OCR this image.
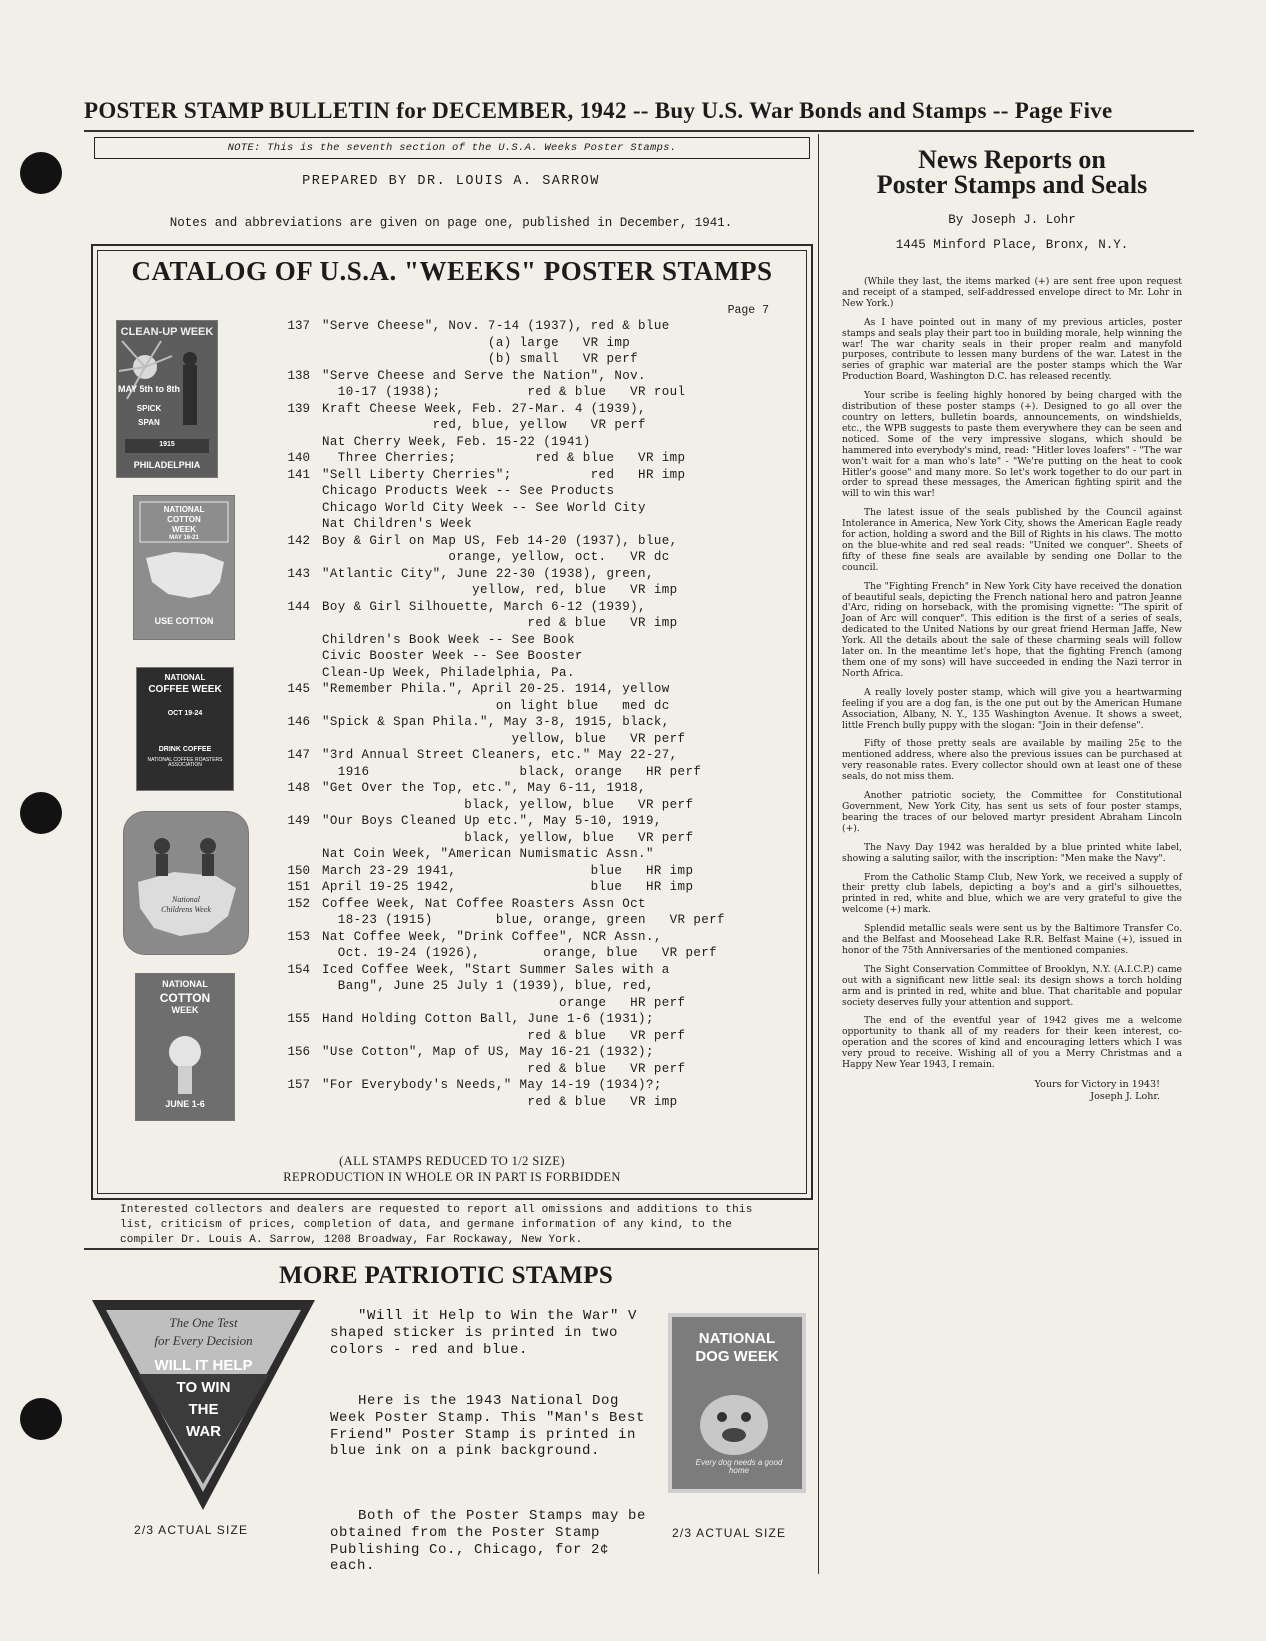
POSTER STAMP BULLETIN for DECEMBER, 1942 -- Buy U.S. War Bonds and Stamps -- Page Five
NOTE: This is the seventh section of the U.S.A. Weeks Poster Stamps.
PREPARED BY DR. LOUIS A. SARROW
Notes and abbreviations are given on page one, published in December, 1941.
CATALOG OF U.S.A. "WEEKS" POSTER STAMPS
Page 7
CLEAN-UP WEEK
MAY 5th to 8th
SPICK
SPAN
1915
PHILADELPHIA
NATIONAL
COTTON
WEEK
MAY 16-21
USE COTTON
NATIONAL
COFFEE WEEK
OCT 19-24
DRINK COFFEE
NATIONAL COFFEE ROASTERS ASSOCIATION
National
Childrens Week
NATIONAL
COTTON
WEEK
JUNE 1-6
137 "Serve Cheese", Nov. 7-14 (1937), red & blue
(a) large   VR imp
(b) small   VR perf
138 "Serve Cheese and Serve the Nation", Nov.
10-17 (1938);           red & blue   VR roul
139 Kraft Cheese Week, Feb. 27-Mar. 4 (1939),
red, blue, yellow   VR perf
Nat Cherry Week, Feb. 15-22 (1941)
140 Three Cherries;          red & blue   VR imp
141 "Sell Liberty Cherries";          red   HR imp
Chicago Products Week -- See Products
Chicago World City Week -- See World City
Nat Children's Week
142 Boy & Girl on Map US, Feb 14-20 (1937), blue,
orange, yellow, oct.   VR dc
143 "Atlantic City", June 22-30 (1938), green,
yellow, red, blue   VR imp
144 Boy & Girl Silhouette, March 6-12 (1939),
red & blue   VR imp
Children's Book Week -- See Book
Civic Booster Week -- See Booster
Clean-Up Week, Philadelphia, Pa.
145 "Remember Phila.", April 20-25. 1914, yellow
on light blue   med dc
146 "Spick & Span Phila.", May 3-8, 1915, black,
yellow, blue   VR perf
147 "3rd Annual Street Cleaners, etc." May 22-27,
1916                   black, orange   HR perf
148 "Get Over the Top, etc.", May 6-11, 1918,
black, yellow, blue   VR perf
149 "Our Boys Cleaned Up etc.", May 5-10, 1919,
black, yellow, blue   VR perf
Nat Coin Week, "American Numismatic Assn."
150 March 23-29 1941,                 blue   HR imp
151 April 19-25 1942,                 blue   HR imp
152 Coffee Week, Nat Coffee Roasters Assn Oct
18-23 (1915)        blue, orange, green   VR perf
153 Nat Coffee Week, "Drink Coffee", NCR Assn.,
Oct. 19-24 (1926),        orange, blue   VR perf
154 Iced Coffee Week, "Start Summer Sales with a
Bang", June 25 July 1 (1939), blue, red,
orange   HR perf
155 Hand Holding Cotton Ball, June 1-6 (1931);
red & blue   VR perf
156 "Use Cotton", Map of US, May 16-21 (1932);
red & blue   VR perf
157 "For Everybody's Needs," May 14-19 (1934)?;
red & blue   VR imp
(ALL STAMPS REDUCED TO 1/2 SIZE)
REPRODUCTION IN WHOLE OR IN PART IS FORBIDDEN
Interested collectors and dealers are requested to report all omissions and additions to this list, criticism of prices, completion of data, and germane information of any kind, to the compiler Dr. Louis A. Sarrow, 1208 Broadway, Far Rockaway, New York.
MORE PATRIOTIC STAMPS
The One Test
for Every Decision
WILL IT HELP
TO WIN
THE
WAR
2/3 ACTUAL SIZE
"Will it Help to Win the War" V shaped sticker is printed in two colors - red and blue.
Here is the 1943 National Dog Week Poster Stamp. This "Man's Best Friend" Poster Stamp is printed in blue ink on a pink background.
Both of the Poster Stamps may be obtained from the Poster Stamp Publishing Co., Chicago, for 2¢ each.
NATIONAL
DOG WEEK
Every dog needs a good home
2/3 ACTUAL SIZE
News Reports on
Poster Stamps and Seals
By Joseph J. Lohr
1445 Minford Place, Bronx, N.Y.

(While they last, the items marked (+) are sent free upon request and receipt of a stamped, self-addressed envelope direct to Mr. Lohr in New York.)

As I have pointed out in many of my previous articles, poster stamps and seals play their part too in building morale, help winning the war! The war charity seals in their proper realm and manyfold purposes, contribute to lessen many burdens of the war. Latest in the series of graphic war material are the poster stamps which the War Production Board, Washington D.C. has released recently.

Your scribe is feeling highly honored by being charged with the distribution of these poster stamps (+). Designed to go all over the country on letters, bulletin boards, announcements, on windshields, etc., the WPB suggests to paste them everywhere they can be seen and noticed. Some of the very impressive slogans, which should be hammered into everybody's mind, read: "Hitler loves loafers" - "The war won't wait for a man who's late" - "We're putting on the heat to cook Hitler's goose" and many more. So let's work together to do our part in order to spread these messages, the American fighting spirit and the will to win this war!

The latest issue of the seals published by the Council against Intolerance in America, New York City, shows the American Eagle ready for action, holding a sword and the Bill of Rights in his claws. The motto on the blue-white and red seal reads: "United we conquer". Sheets of fifty of these fine seals are available by sending one Dollar to the council.

The "Fighting French" in New York City have received the donation of beautiful seals, depicting the French national hero and patron Jeanne d'Arc, riding on horseback, with the promising vignette: "The spirit of Joan of Arc will conquer". This edition is the first of a series of seals, dedicated to the United Nations by our great friend Herman Jaffe, New York. All the details about the sale of these charming seals will follow later on. In the meantime let's hope, that the fighting French (among them one of my sons) will have succeeded in ending the Nazi terror in North Africa.

A really lovely poster stamp, which will give you a heartwarming feeling if you are a dog fan, is the one put out by the American Humane Association, Albany, N. Y., 135 Washington Avenue. It shows a sweet, little French bully puppy with the slogan: "Join in their defense".

Fifty of those pretty seals are available by mailing 25¢ to the mentioned address, where also the previous issues can be purchased at very reasonable rates. Every collector should own at least one of these seals, do not miss them.

Another patriotic society, the Committee for Constitutional Government, New York City, has sent us sets of four poster stamps, bearing the traces of our beloved martyr president Abraham Lincoln (+).

The Navy Day 1942 was heralded by a blue printed white label, showing a saluting sailor, with the inscription: "Men make the Navy".

From the Catholic Stamp Club, New York, we received a supply of their pretty club labels, depicting a boy's and a girl's silhouettes, printed in red, white and blue, which we are very grateful to give the welcome (+) mark.

Splendid metallic seals were sent us by the Baltimore Transfer Co. and the Belfast and Moosehead Lake R.R. Belfast Maine (+), issued in honor of the 75th Anniversaries of the mentioned companies.

The Sight Conservation Committee of Brooklyn, N.Y. (A.I.C.P.) came out with a significant new little seal: its design shows a torch holding arm and is printed in red, white and blue. That charitable and popular society deserves fully your attention and support.

The end of the eventful year of 1942 gives me a welcome opportunity to thank all of my readers for their keen interest, co-operation and the scores of kind and encouraging letters which I was very proud to receive. Wishing all of you a Merry Christmas and a Happy New Year 1943, I remain.

Yours for Victory in 1943!
Joseph J. Lohr.
